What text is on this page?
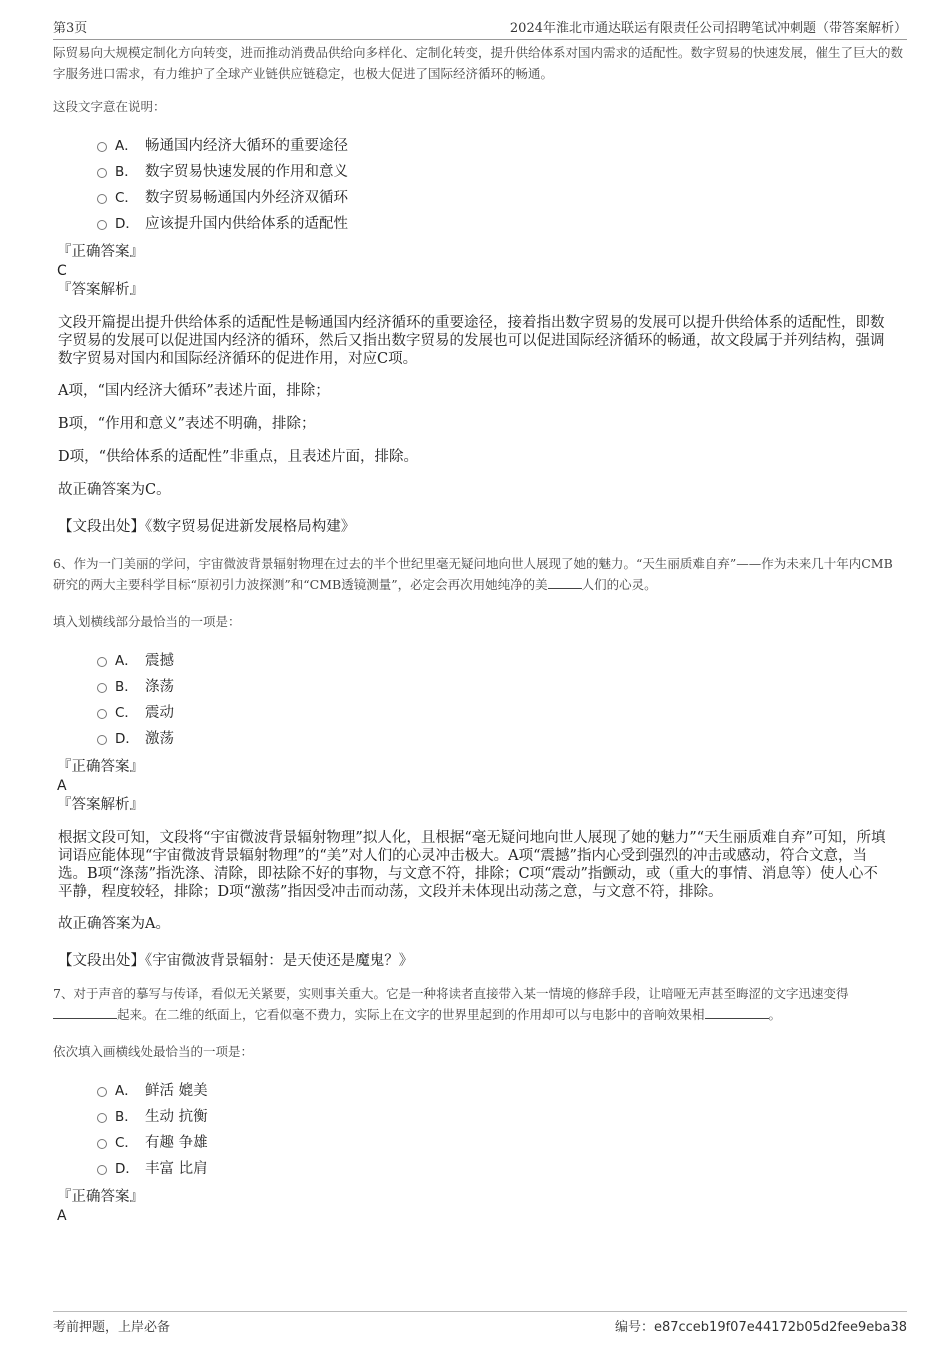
第3页	2024年淮北市通达联运有限责任公司招聘笔试冲刺题（带答案解析）

际贸易向大规模定制化方向转变，进而推动消费品供给向多样化、定制化转变，提升供给体系对国内需求的适配性。数字贸易的快速发展，催生了巨大的数字服务进口需求，有力维护了全球产业链供应链稳定，也极大促进了国际经济循环的畅通。

这段文字意在说明：

A． 畅通国内经济大循环的重要途径
B． 数字贸易快速发展的作用和意义
C． 数字贸易畅通国内外经济双循环
D． 应该提升国内供给体系的适配性

『正确答案』

C

『答案解析』

文段开篇提出提升供给体系的适配性是畅通国内经济循环的重要途径，接着指出数字贸易的发展可以提升供给体系的适配性，即数字贸易的发展可以促进国内经济的循环，然后又指出数字贸易的发展也可以促进国际经济循环的畅通，故文段属于并列结构，强调数字贸易对国内和国际经济循环的促进作用，对应C项。

A项，“国内经济大循环”表述片面，排除；

B项，“作用和意义”表述不明确，排除；

D项，“供给体系的适配性”非重点，且表述片面，排除。

故正确答案为C。

【文段出处】《数字贸易促进新发展格局构建》

6、作为一门美丽的学问，宇宙微波背景辐射物理在过去的半个世纪里毫无疑问地向世人展现了她的魅力。“天生丽质难自弃”——作为未来几十年内CMB研究的两大主要科学目标“原初引力波探测”和“CMB透镜测量”，必定会再次用她纯净的美	人们的心灵。

填入划横线部分最恰当的一项是：

A． 震撼
B． 涤荡
C． 震动
D． 激荡

『正确答案』

A

『答案解析』

根据文段可知，文段将“宇宙微波背景辐射物理”拟人化，且根据“毫无疑问地向世人展现了她的魅力”“天生丽质难自弃”可知，所填词语应能体现“宇宙微波背景辐射物理”的“美”对人们的心灵冲击极大。A项“震撼”指内心受到强烈的冲击或感动，符合文意，当选。B项“涤荡”指洗涤、清除，即祛除不好的事物，与文意不符，排除；C项“震动”指颤动，或（重大的事情、消息等）使人心不平静，程度较轻，排除；D项“激荡”指因受冲击而动荡，文段并未体现出动荡之意，与文意不符，排除。

故正确答案为A。

【文段出处】《宇宙微波背景辐射：是天使还是魔鬼？》

7、对于声音的摹写与传译，看似无关紧要，实则事关重大。它是一种将读者直接带入某一情境的修辞手段，让喑哑无声甚至晦涩的文字迅速变得起来。在二维的纸面上，它看似毫不费力，实际上在文字的世界里起到的作用却可以与电影中的音响效果相	。

依次填入画横线处最恰当的一项是：

A． 鲜活 媲美
B． 生动 抗衡
C． 有趣 争雄
D． 丰富 比肩

『正确答案』

A

考前押题，上岸必备	编号：e87cceb19f07e44172b05d2fee9eba38
